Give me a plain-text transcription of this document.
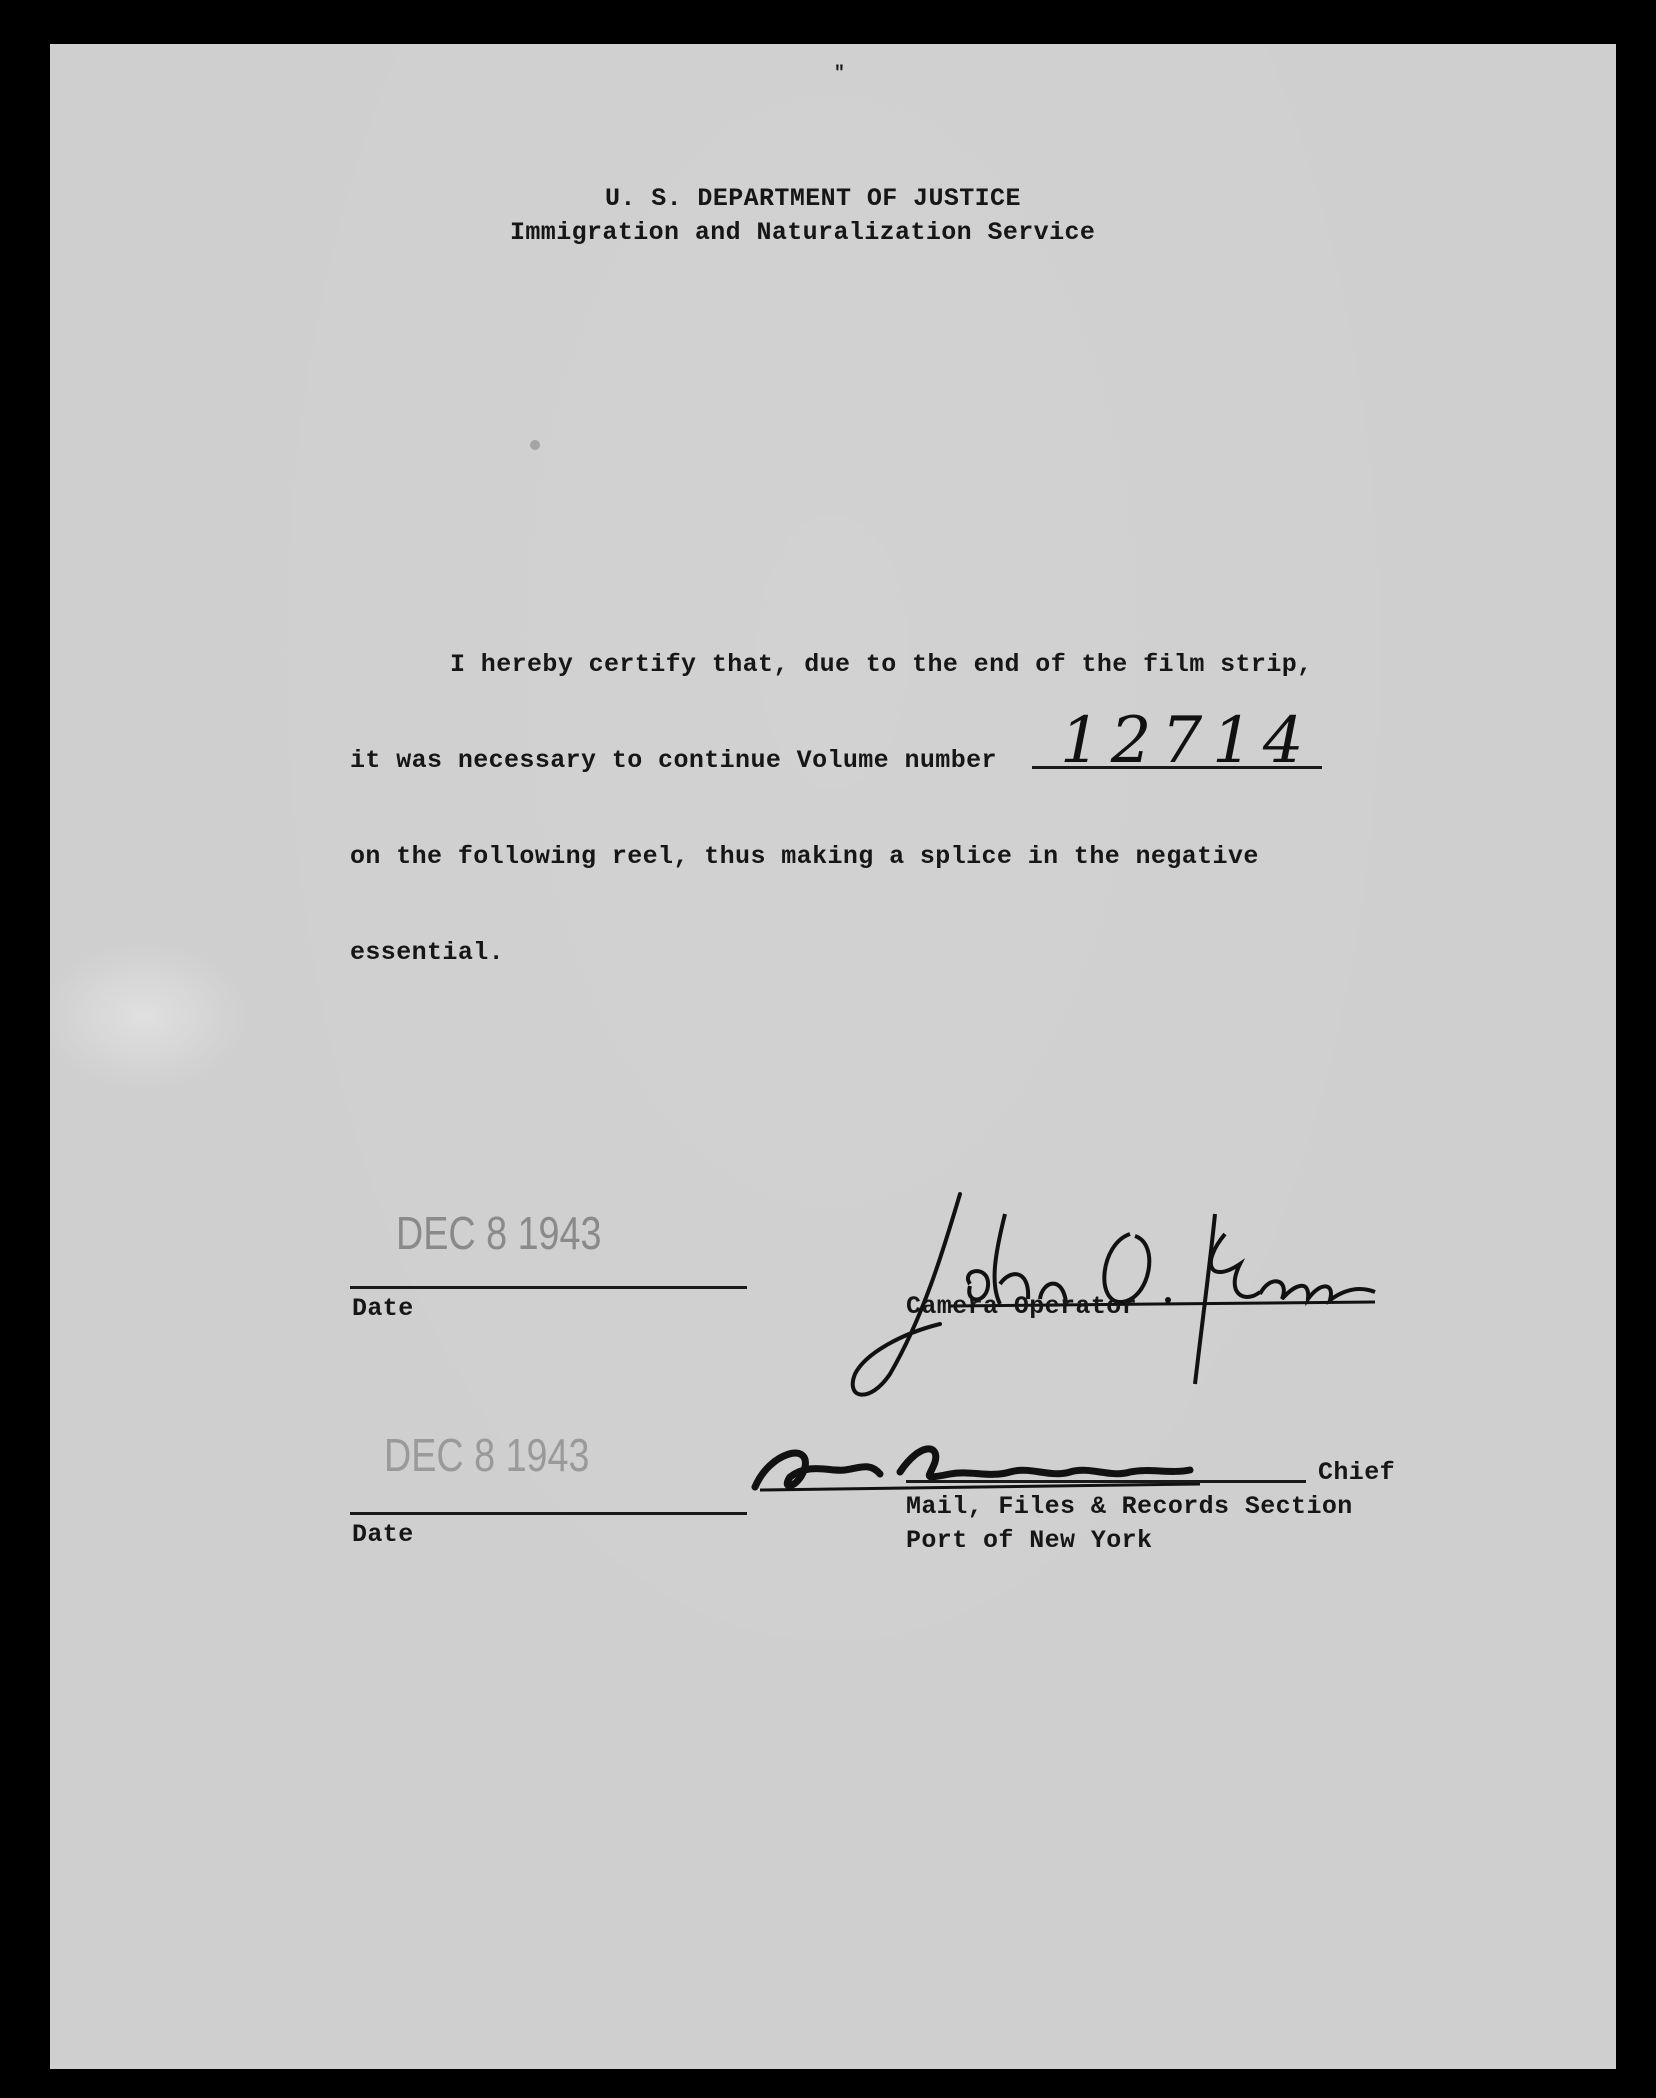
"
U. S. DEPARTMENT OF JUSTICE
Immigration and Naturalization Service
I hereby certify that, due to the end of the film strip,
it was necessary to continue Volume number 12714
on the following reel, thus making a splice in the negative
essential.
DEC 8 1943
Date	Camera Operator
DEC 8 1943
Date
Chief
Mail, Files & Records Section
Port of New York
